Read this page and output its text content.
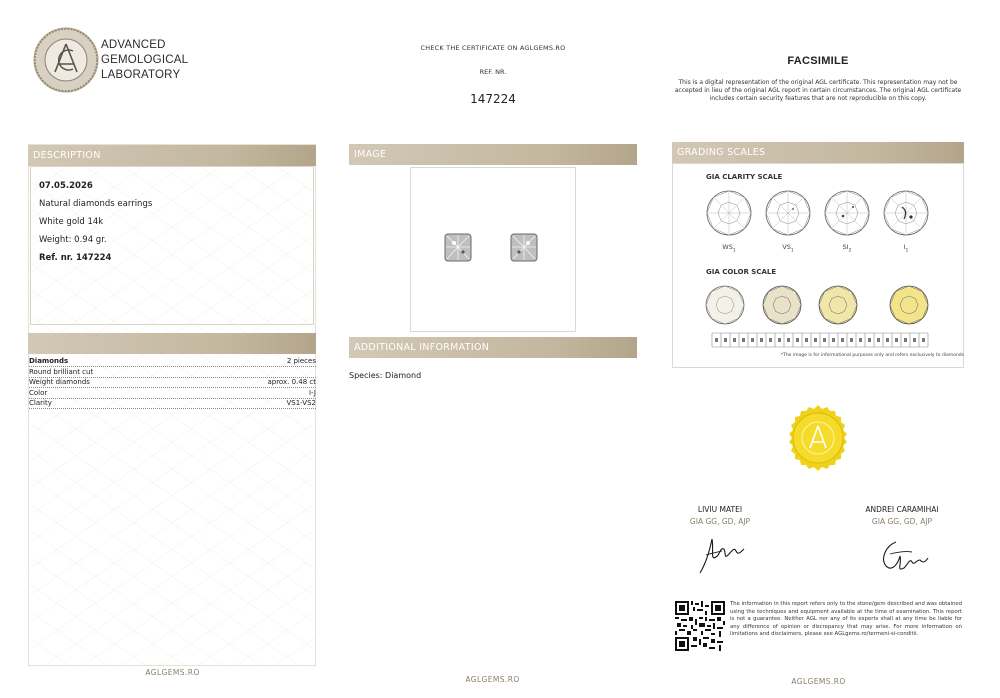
ADVANCED
GEMOLOGICAL
LABORATORY
CHECK THE CERTIFICATE ON AGLGEMS.RO
REF. NR.
147224
FACSIMILE
This is a digital representation of the original AGL certificate. This representation may not be accepted in lieu of the original AGL report in certain circumstances. The original AGL certificate includes certain security features that are not reproducible on this copy.
DESCRIPTION
07.05.2026
Natural diamonds earrings
White gold 14k
Weight: 0.94 gr.
Ref. nr. 147224
Diamonds	2 pieces
Round brilliant cut
Weight diamonds	aprox. 0.48 ct
Color	I-J
Clarity	VS1-VS2
AGLGEMS.RO
IMAGE
ADDITIONAL INFORMATION
Species: Diamond
AGLGEMS.RO
GRADING SCALES
GIA CLARITY SCALE
$WS_1$	$VS_1$	$SI_2$	$I_1$
GIA COLOR SCALE
*The image is for informational purposes only and refers exclusively to diamonds
LIVIU MATEI
GIA GG, GD, AJP
ANDREI CARAMIHAI
GIA GG, GD, AJP
The information in this report refers only to the stone/gem described and was obtained using the techniques and equipment available at the time of examination. This report is not a guarantee. Neither AGL nor any of its experts shall at any time be liable for any difference of opinion or discrepancy that may arise. For more information on limitations and disclaimers, please see AGLgems.ro/termeni-si-conditii.
AGLGEMS.RO
